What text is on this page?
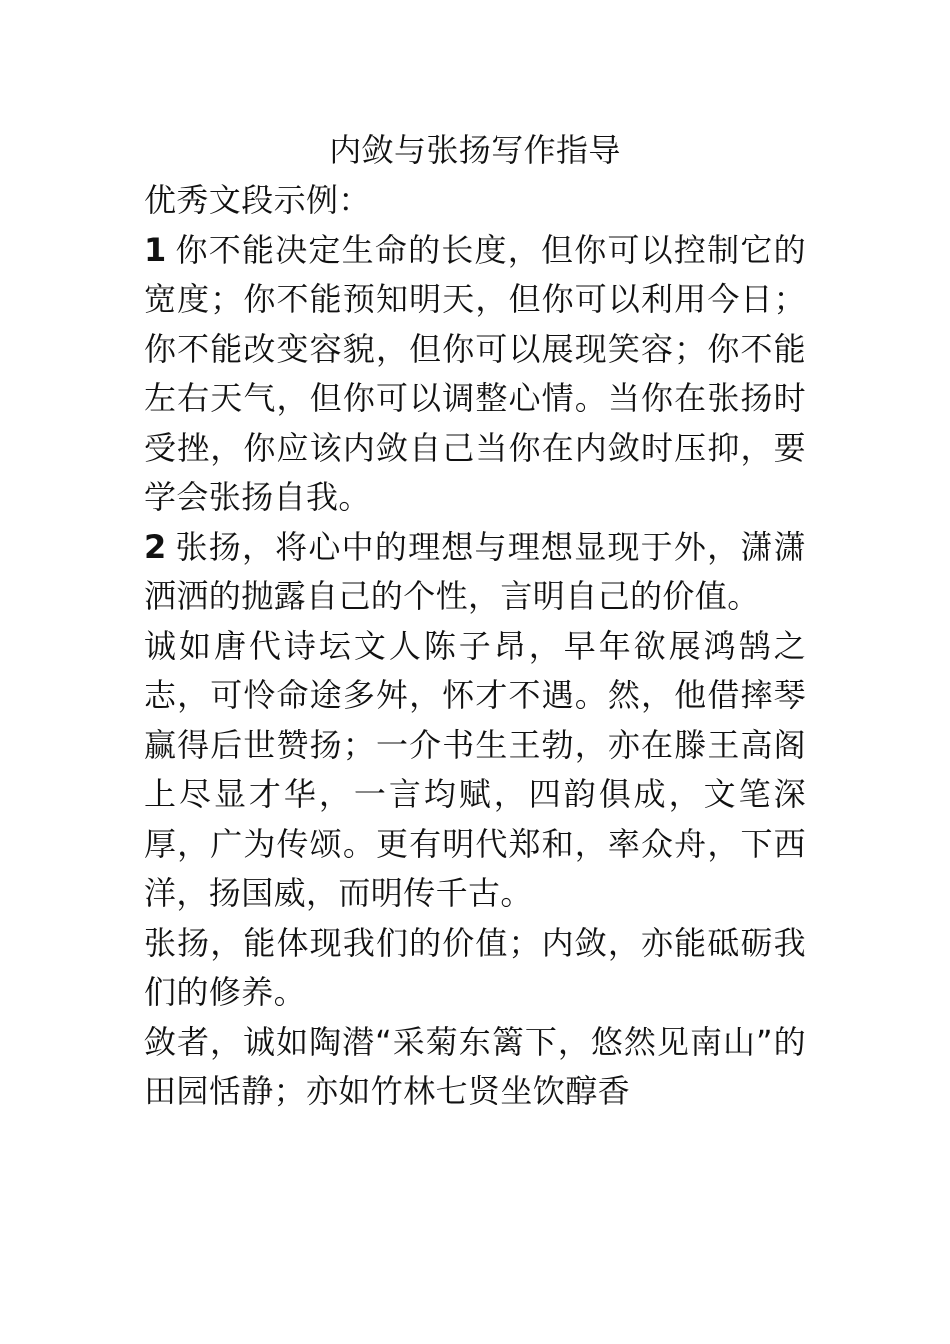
内敛与张扬写作指导

优秀文段示例：

1 你不能决定生命的长度，但你可以控制它的宽度；你不能预知明天，但你可以利用今日；你不能改变容貌，但你可以展现笑容；你不能左右天气，但你可以调整心情。当你在张扬时受挫，你应该内敛自己当你在内敛时压抑，要学会张扬自我。

2 张扬，将心中的理想与理想显现于外，潇潇洒洒的抛露自己的个性，言明自己的价值。

诚如唐代诗坛文人陈子昂，早年欲展鸿鹄之志，可怜命途多舛，怀才不遇。然，他借摔琴赢得后世赞扬；一介书生王勃，亦在滕王高阁上尽显才华，一言均赋，四韵俱成，文笔深厚，广为传颂。更有明代郑和，率众舟，下西洋，扬国威，而明传千古。

张扬，能体现我们的价值；内敛，亦能砥砺我们的修养。

敛者，诚如陶潜“采菊东篱下，悠然见南山”的田园恬静；亦如竹林七贤坐饮醇香
